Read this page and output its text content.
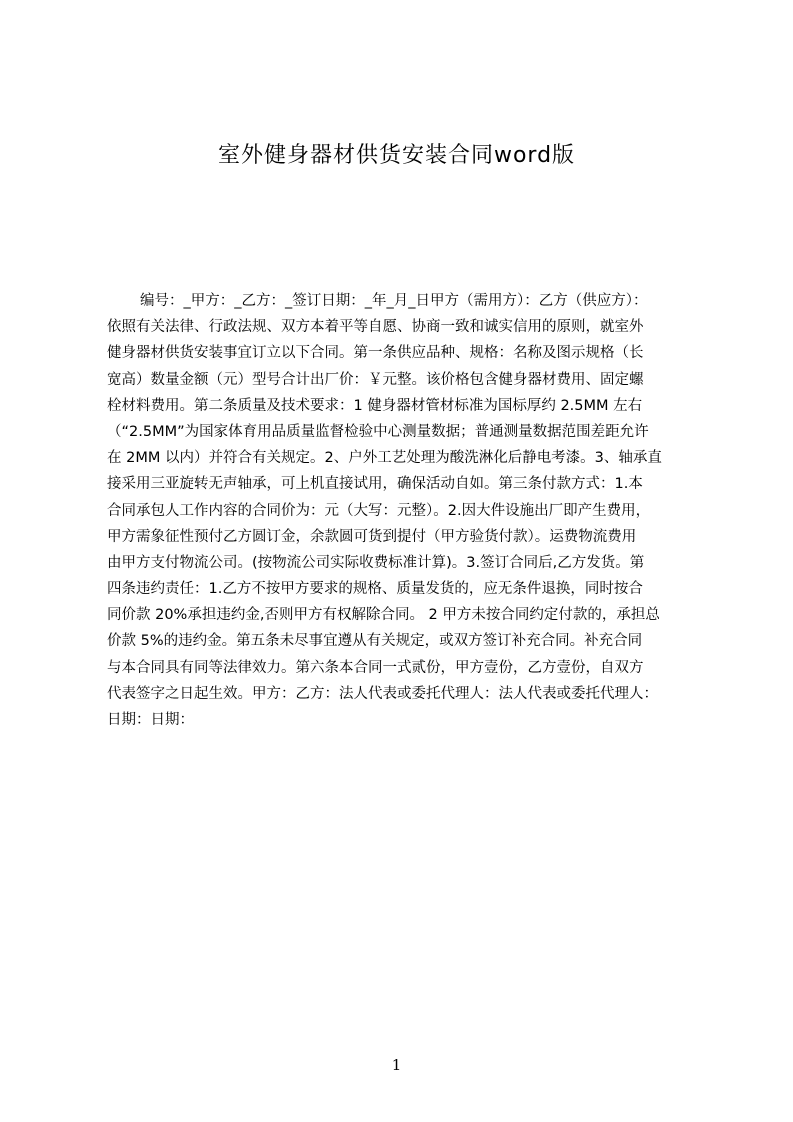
室外健身器材供货安装合同word版
编号：_甲方：_乙方：_签订日期：_年_月_日甲方（需用方）：乙方（供应方）：
依照有关法律、行政法规、双方本着平等自愿、协商一致和诚实信用的原则，就室外
健身器材供货安装事宜订立以下合同。第一条供应品种、规格：名称及图示规格（长
宽高）数量金额（元）型号合计出厂价：￥元整。该价格包含健身器材费用、固定螺
栓材料费用。第二条质量及技术要求：1 健身器材管材标准为国标厚约 2.5MM 左右
（“2.5MM”为国家体育用品质量监督检验中心测量数据；普通测量数据范围差距允许
在 2MM 以内）并符合有关规定。2、户外工艺处理为酸洗淋化后静电考漆。3、轴承直
接采用三亚旋转无声轴承，可上机直接试用，确保活动自如。第三条付款方式：1.本
合同承包人工作内容的合同价为：元（大写：元整）。2.因大件设施出厂即产生费用，
甲方需象征性预付乙方圆订金，余款圆可货到提付（甲方验货付款）。运费物流费用
由甲方支付物流公司。(按物流公司实际收费标准计算)。3.签订合同后,乙方发货。第
四条违约责任：1.乙方不按甲方要求的规格、质量发货的，应无条件退换，同时按合
同价款 20%承担违约金,否则甲方有权解除合同。 2 甲方未按合同约定付款的，承担总
价款 5%的违约金。第五条未尽事宜遵从有关规定，或双方签订补充合同。补充合同
与本合同具有同等法律效力。第六条本合同一式贰份，甲方壹份，乙方壹份，自双方
代表签字之日起生效。甲方：乙方：法人代表或委托代理人：法人代表或委托代理人：
日期：日期：
1
